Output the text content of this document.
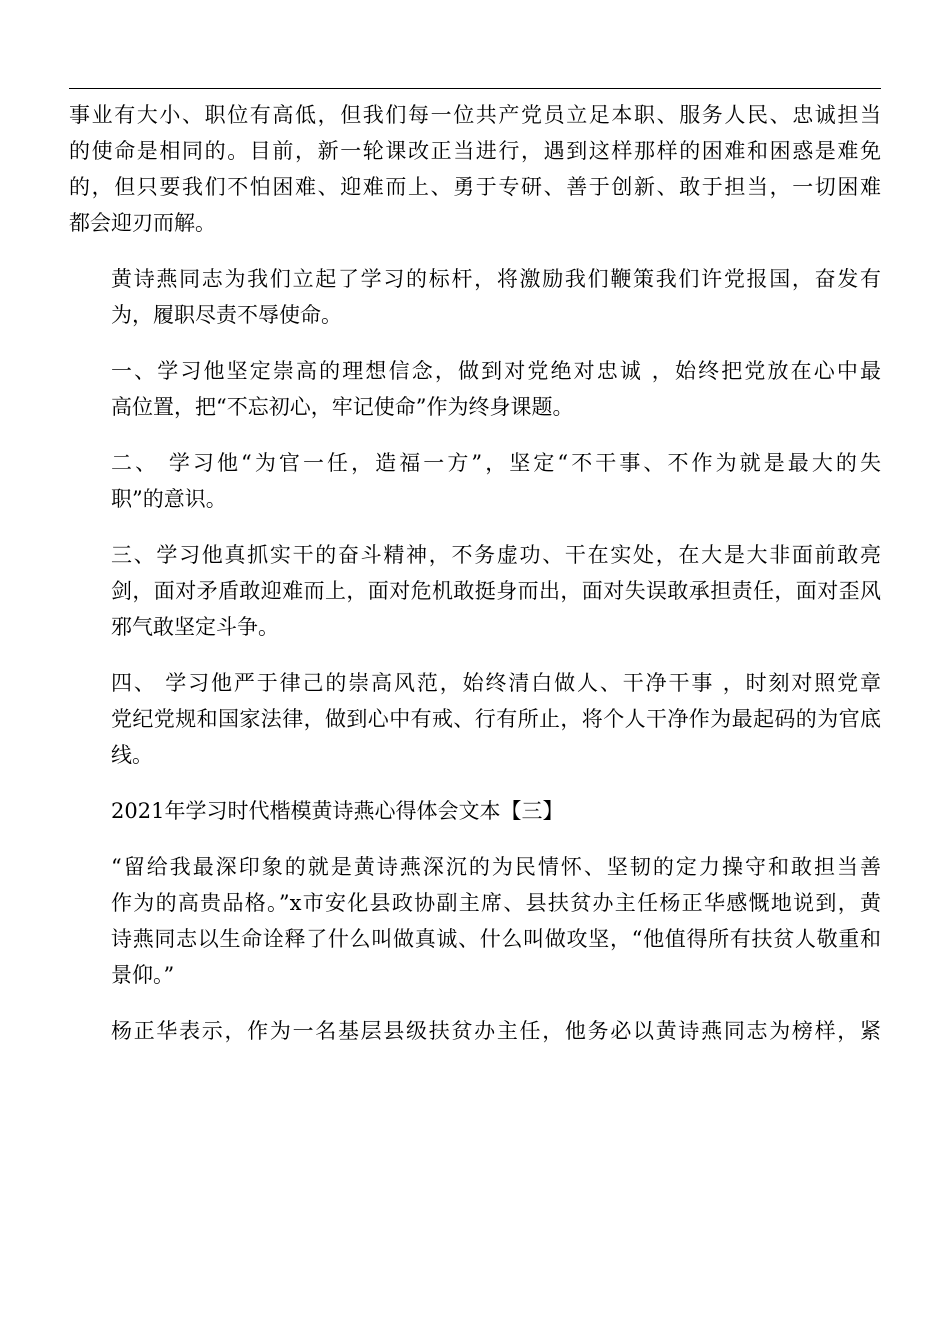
事业有大小、职位有高低，但我们每一位共产党员立足本职、服务人民、忠诚担当
的使命是相同的。目前，新一轮课改正当进行，遇到这样那样的困难和困惑是难免
的，但只要我们不怕困难、迎难而上、勇于专研、善于创新、敢于担当，一切困难
都会迎刃而解。

黄诗燕同志为我们立起了学习的标杆，将激励我们鞭策我们许党报国，奋发有
为，履职尽责不辱使命。

一、学习他坚定崇高的理想信念，做到对党绝对忠诚 ，始终把党放在心中最
高位置，把“不忘初心，牢记使命”作为终身课题。

二、 学习他“为官一任，造福一方”，坚定“不干事、不作为就是最大的失
职”的意识。

三、学习他真抓实干的奋斗精神，不务虚功、干在实处，在大是大非面前敢亮
剑，面对矛盾敢迎难而上，面对危机敢挺身而出，面对失误敢承担责任，面对歪风
邪气敢坚定斗争。

四、 学习他严于律己的崇高风范，始终清白做人、干净干事 ，时刻对照党章
党纪党规和国家法律，做到心中有戒、行有所止，将个人干净作为最起码的为官底
线。

2021年学习时代楷模黄诗燕心得体会文本【三】

“留给我最深印象的就是黄诗燕深沉的为民情怀、坚韧的定力操守和敢担当善
作为的高贵品格。”x市安化县政协副主席、县扶贫办主任杨正华感慨地说到，黄
诗燕同志以生命诠释了什么叫做真诚、什么叫做攻坚，“他值得所有扶贫人敬重和
景仰。”

杨正华表示，作为一名基层县级扶贫办主任，他务必以黄诗燕同志为榜样，紧
